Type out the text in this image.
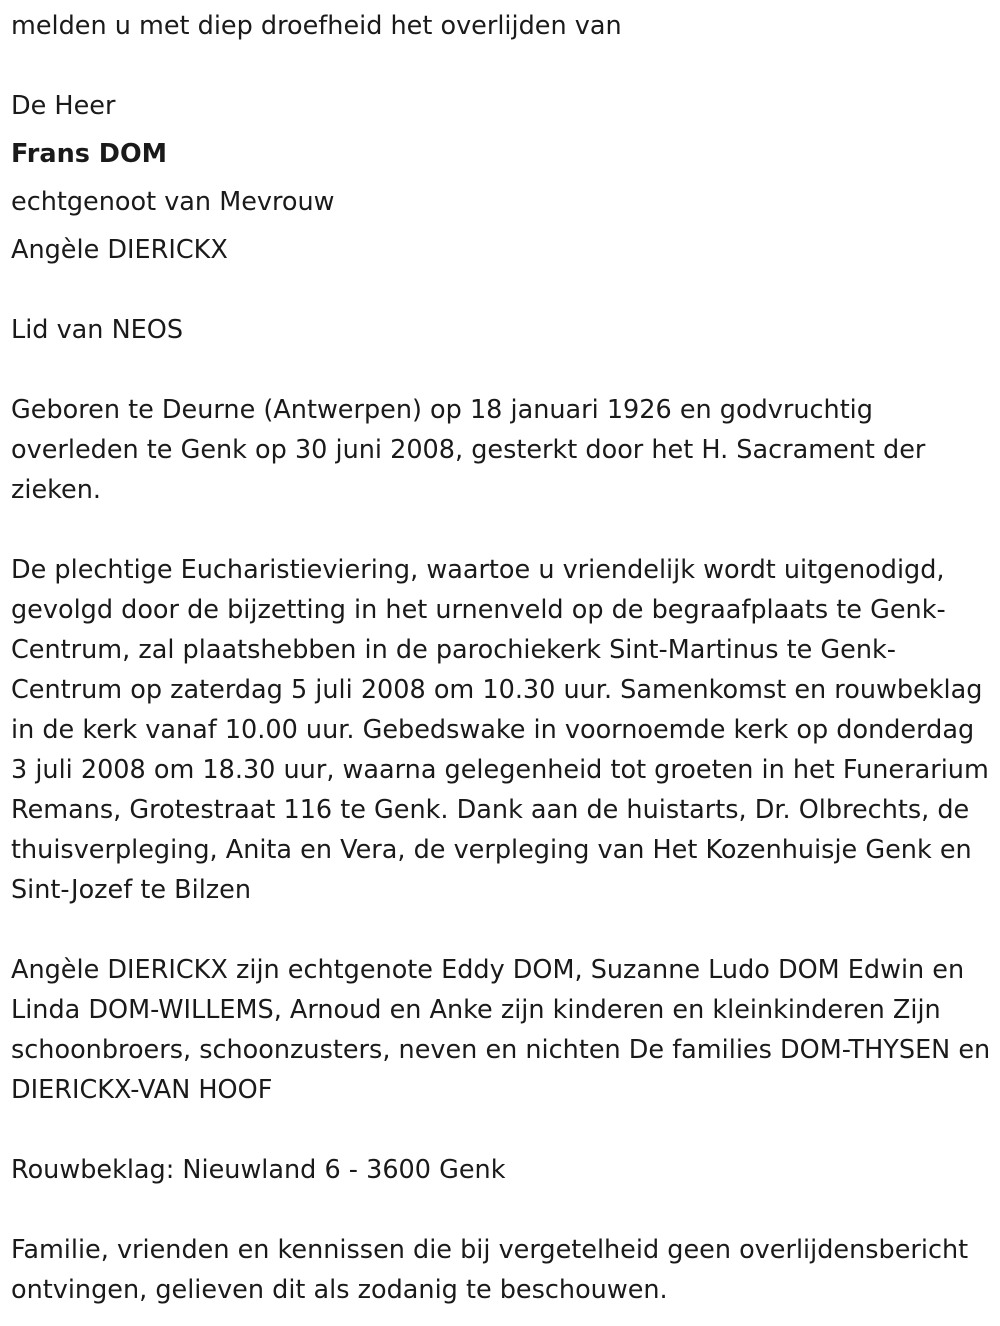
melden u met diep droefheid het overlijden van
De Heer
Frans DOM
echtgenoot van Mevrouw
Angèle DIERICKX
Lid van NEOS
Geboren te Deurne (Antwerpen) op 18 januari 1926 en godvruchtig overleden te Genk op 30 juni 2008, gesterkt door het H. Sacrament der zieken.
De plechtige Eucharistieviering, waartoe u vriendelijk wordt uitgenodigd, gevolgd door de bijzetting in het urnenveld op de begraafplaats te Genk-Centrum, zal plaatshebben in de parochiekerk Sint-Martinus te Genk-Centrum op zaterdag 5 juli 2008 om 10.30 uur. Samenkomst en rouwbeklag in de kerk vanaf 10.00 uur. Gebedswake in voornoemde kerk op donderdag 3 juli 2008 om 18.30 uur, waarna gelegenheid tot groeten in het Funerarium Remans, Grotestraat 116 te Genk. Dank aan de huistarts, Dr. Olbrechts, de thuisverpleging, Anita en Vera, de verpleging van Het Kozenhuisje Genk en Sint-Jozef te Bilzen
Angèle DIERICKX zijn echtgenote Eddy DOM, Suzanne Ludo DOM Edwin en Linda DOM-WILLEMS, Arnoud en Anke zijn kinderen en kleinkinderen Zijn schoonbroers, schoonzusters, neven en nichten De families DOM-THYSEN en DIERICKX-VAN HOOF
Rouwbeklag: Nieuwland 6 - 3600 Genk
Familie, vrienden en kennissen die bij vergetelheid geen overlijdensbericht ontvingen, gelieven dit als zodanig te beschouwen.
